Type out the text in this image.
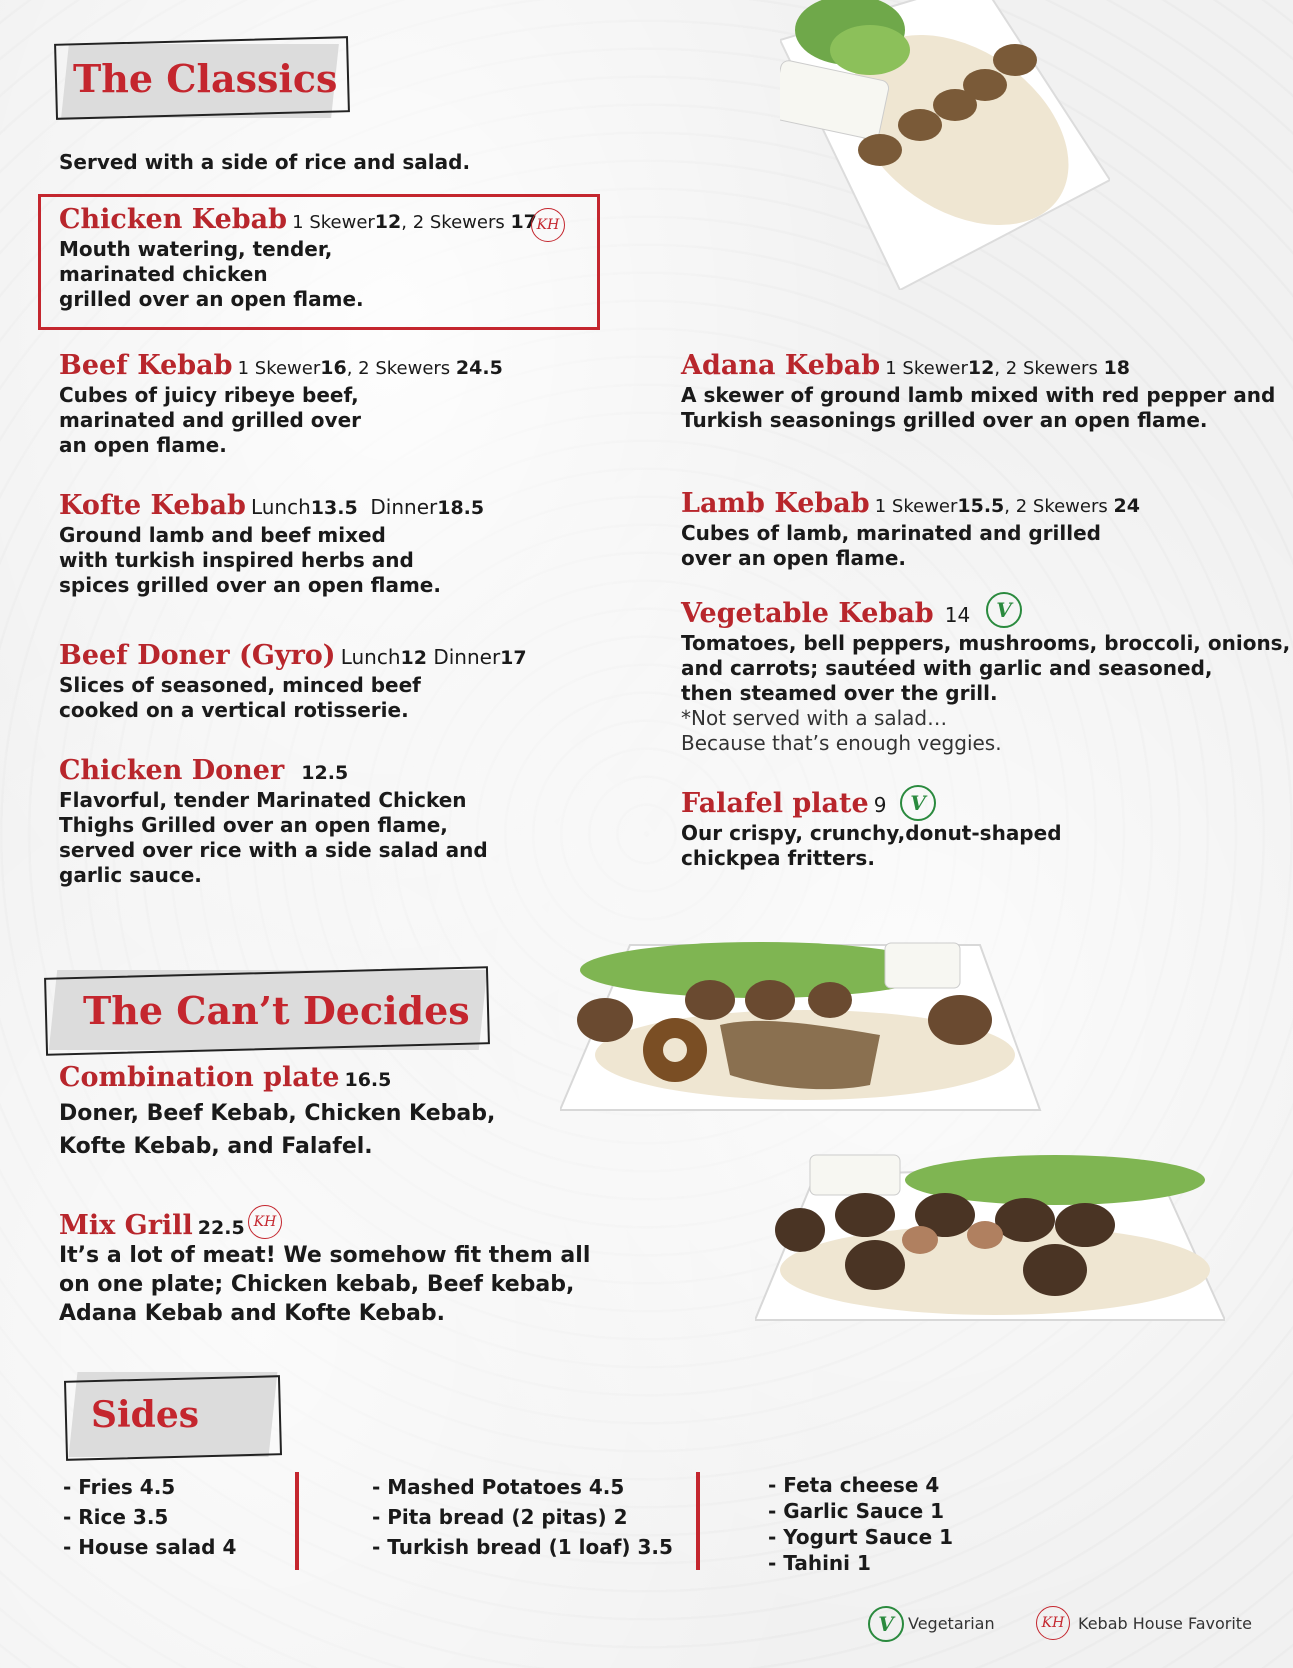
The Classics
Served with a side of rice and salad.
Chicken Kebab 1 Skewer12, 2 Skewers 17
Mouth watering, tender,
marinated chicken
grilled over an open flame.
KH
Beef Kebab 1 Skewer16, 2 Skewers 24.5
Cubes of juicy ribeye beef,
marinated and grilled over
an open flame.
Kofte Kebab Lunch13.5  Dinner18.5
Ground lamb and beef mixed
with turkish inspired herbs and
spices grilled over an open flame.
Beef Doner (Gyro) Lunch12 Dinner17
Slices of seasoned, minced beef
cooked on a vertical rotisserie.
Chicken Doner 12.5
Flavorful, tender Marinated Chicken
Thighs Grilled over an open flame,
served over rice with a side salad and
garlic sauce.
Adana Kebab 1 Skewer12, 2 Skewers 18
A skewer of ground lamb mixed with red pepper and
Turkish seasonings grilled over an open flame.
Lamb Kebab 1 Skewer15.5, 2 Skewers 24
Cubes of lamb, marinated and grilled
over an open flame.
Vegetable Kebab 14
Tomatoes, bell peppers, mushrooms, broccoli, onions,
and carrots; sautéed with garlic and seasoned,
then steamed over the grill.
*Not served with a salad…
Because that’s enough veggies.
V
Falafel plate 9
Our crispy, crunchy,donut-shaped
chickpea fritters.
V
The Can’t Decides
Combination plate 16.5
Doner, Beef Kebab, Chicken Kebab,
Kofte Kebab, and Falafel.
Mix Grill 22.5
It’s a lot of meat! We somehow fit them all
on one plate; Chicken kebab, Beef kebab,
Adana Kebab and Kofte Kebab.
KH
Sides
- Fries 4.5
- Rice 3.5
- House salad 4
- Mashed Potatoes 4.5
- Pita bread (2 pitas) 2
- Turkish bread (1 loaf) 3.5
- Feta cheese 4
- Garlic Sauce 1
- Yogurt Sauce 1
- Tahini 1
V Vegetarian	KH Kebab House Favorite
